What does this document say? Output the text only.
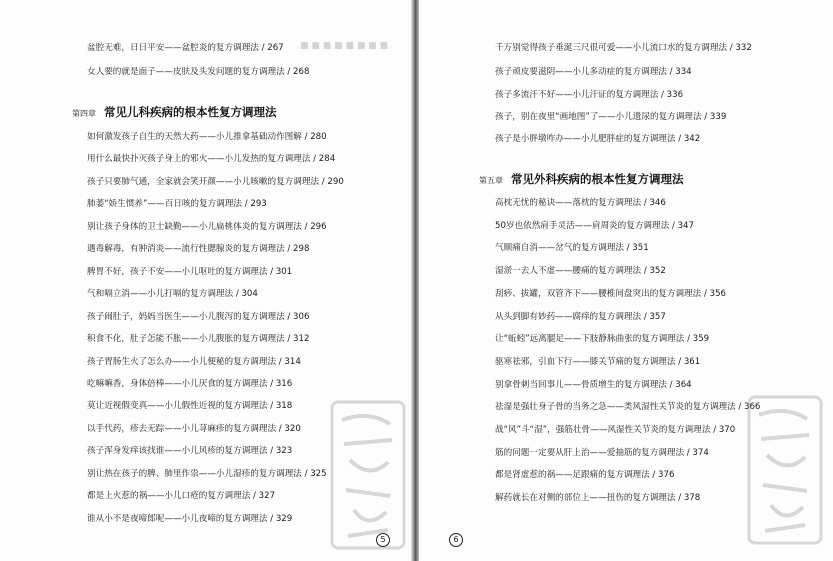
■ ■ ■ ■ ■ ■ ■ ■
盆腔无难，日日平安——盆腔炎的复方调理法 / 267
女人要的就是面子——皮肤及头发问题的复方调理法 / 268
第四章 常见儿科疾病的根本性复方调理法
如何激发孩子自生的天然大药——小儿推拿基础动作图解 / 280
用什么最快扑灭孩子身上的邪火——小儿发热的复方调理法 / 284
孩子只要肺气通，全家就会笑开颜——小儿咳嗽的复方调理法 / 290
肺萎“娇生惯养”——百日咳的复方调理法 / 293
别让孩子身体的卫士缺勤——小儿扁桃体炎的复方调理法 / 296
遇毒解毒，有肿消炎——流行性腮腺炎的复方调理法 / 298
脾胃不好，孩子不安——小儿呕吐的复方调理法 / 301
气和嗝立消——小儿打嗝的复方调理法 / 304
孩子闹肚子，妈妈当医生——小儿腹泻的复方调理法 / 306
积食不化，肚子怎能不胀——小儿腹胀的复方调理法 / 312
孩子胃肠生火了怎么办——小儿便秘的复方调理法 / 314
吃嘛嘛香，身体倍棒——小儿厌食的复方调理法 / 316
莫让近视假变真——小儿假性近视的复方调理法 / 318
以手代药，疹去无踪——小儿荨麻疹的复方调理法 / 320
孩子浑身发痒该找谁——小儿风疹的复方调理法 / 323
别让热在孩子的脾、肺里作祟——小儿湿疹的复方调理法 / 325
都是上火惹的祸——小儿口疮的复方调理法 / 327
谁从小不是夜啼郎呢——小儿夜啼的复方调理法 / 329
5
千万别觉得孩子垂涎三尺很可爱——小儿流口水的复方调理法 / 332
孩子顽皮要滋阴——小儿多动症的复方调理法 / 334
孩子多流汗不好——小儿汗证的复方调理法 / 336
孩子，别在夜里“画地图”了——小儿遗尿的复方调理法 / 339
孩子是小胖墩咋办——小儿肥胖症的复方调理法 / 342
第五章 常见外科疾病的根本性复方调理法
高枕无忧的秘诀——落枕的复方调理法 / 346
50岁也依然肩手灵活——肩周炎的复方调理法 / 347
气顺痛自消——岔气的复方调理法 / 351
湿淤一去人不虚——腰痛的复方调理法 / 352
刮痧、拔罐，双管齐下——腰椎间盘突出的复方调理法 / 356
从头到脚有妙药——腐痒的复方调理法 / 357
让“蚯蚓”远离腿足——下肢静脉曲张的复方调理法 / 359
驱寒祛邪，引血下行——膝关节痛的复方调理法 / 361
别拿骨刺当回事儿——骨质增生的复方调理法 / 364
祛湿是强壮身子骨的当务之急——类风湿性关节炎的复方调理法 / 366
战“风”斗“湿”，强筋壮骨——风湿性关节炎的复方调理法 / 370
筋的问题一定要从肝上治——爱抽筋的复方调理法 / 374
都是肾虚惹的祸——足跟痛的复方调理法 / 376
解药就长在对侧的部位上——扭伤的复方调理法 / 378
6
